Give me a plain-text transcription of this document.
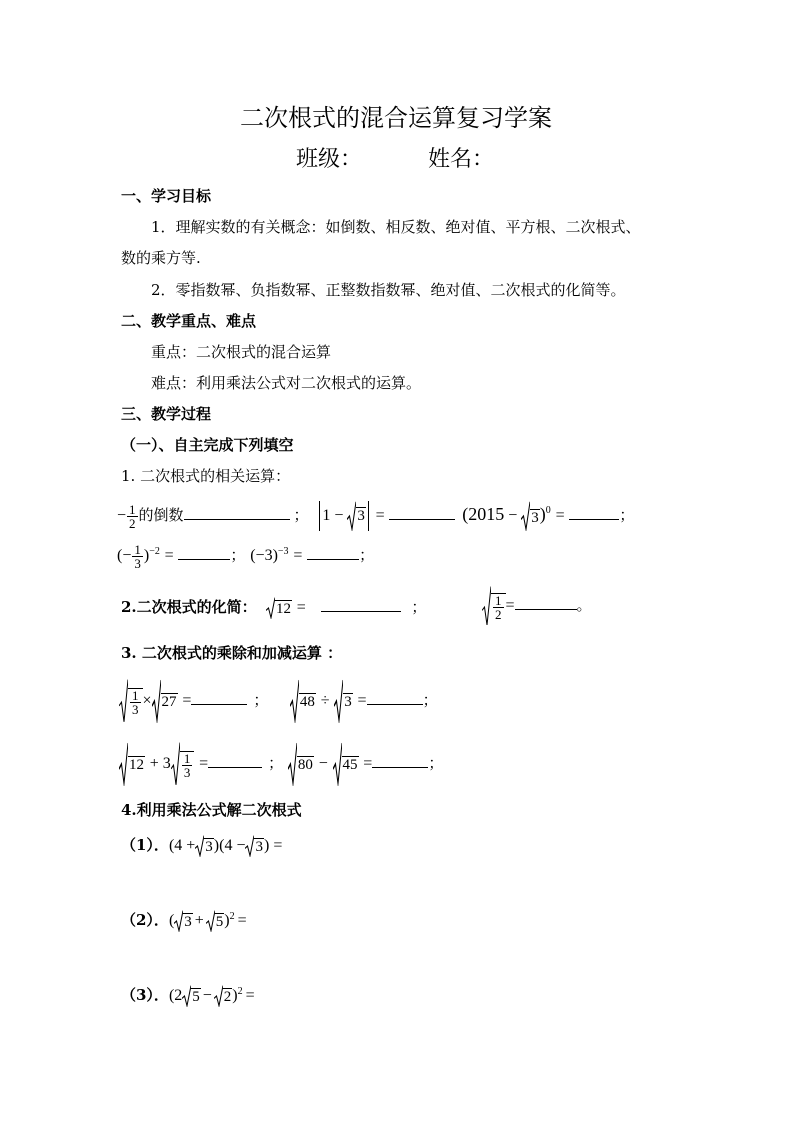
二次根式的混合运算复习学案
班级：	姓名：
一、学习目标
1．理解实数的有关概念：如倒数、相反数、绝对值、平方根、二次根式、
数的乘方等.
2．零指数幂、负指数幂、正整数指数幂、绝对值、二次根式的化简等。
二、教学重点、难点
重点：二次根式的混合运算
难点：利用乘法公式对二次根式的运算。
三、教学过程
（一）、自主完成下列填空
1. 二次根式的相关运算：
− $\frac{1}{2}$ 的倒数	； 1 − 3 =	$(2015 - 3)^0$ =	；
(− $\frac{1}{3} )^{-2}$ =	； $(-3)^{-3}$ =	；
2.二次根式的化简：	12 =	；	$\frac{1}{2}$ =	。
3. 二次根式的乘除和加减运算 ：
$\frac{1}{3} \times 27$ =	； 48 ÷ 3 =	；
$12 + 3 \frac{1}{3}$ =	； 80 − 45 =	；
4.利用乘法公式解二次根式
（1）．(4 + 3)(4 − 3) =
（2）．( 3 + 5)$^2$ =
（3）．(2 5 − 2)$^2$ =
